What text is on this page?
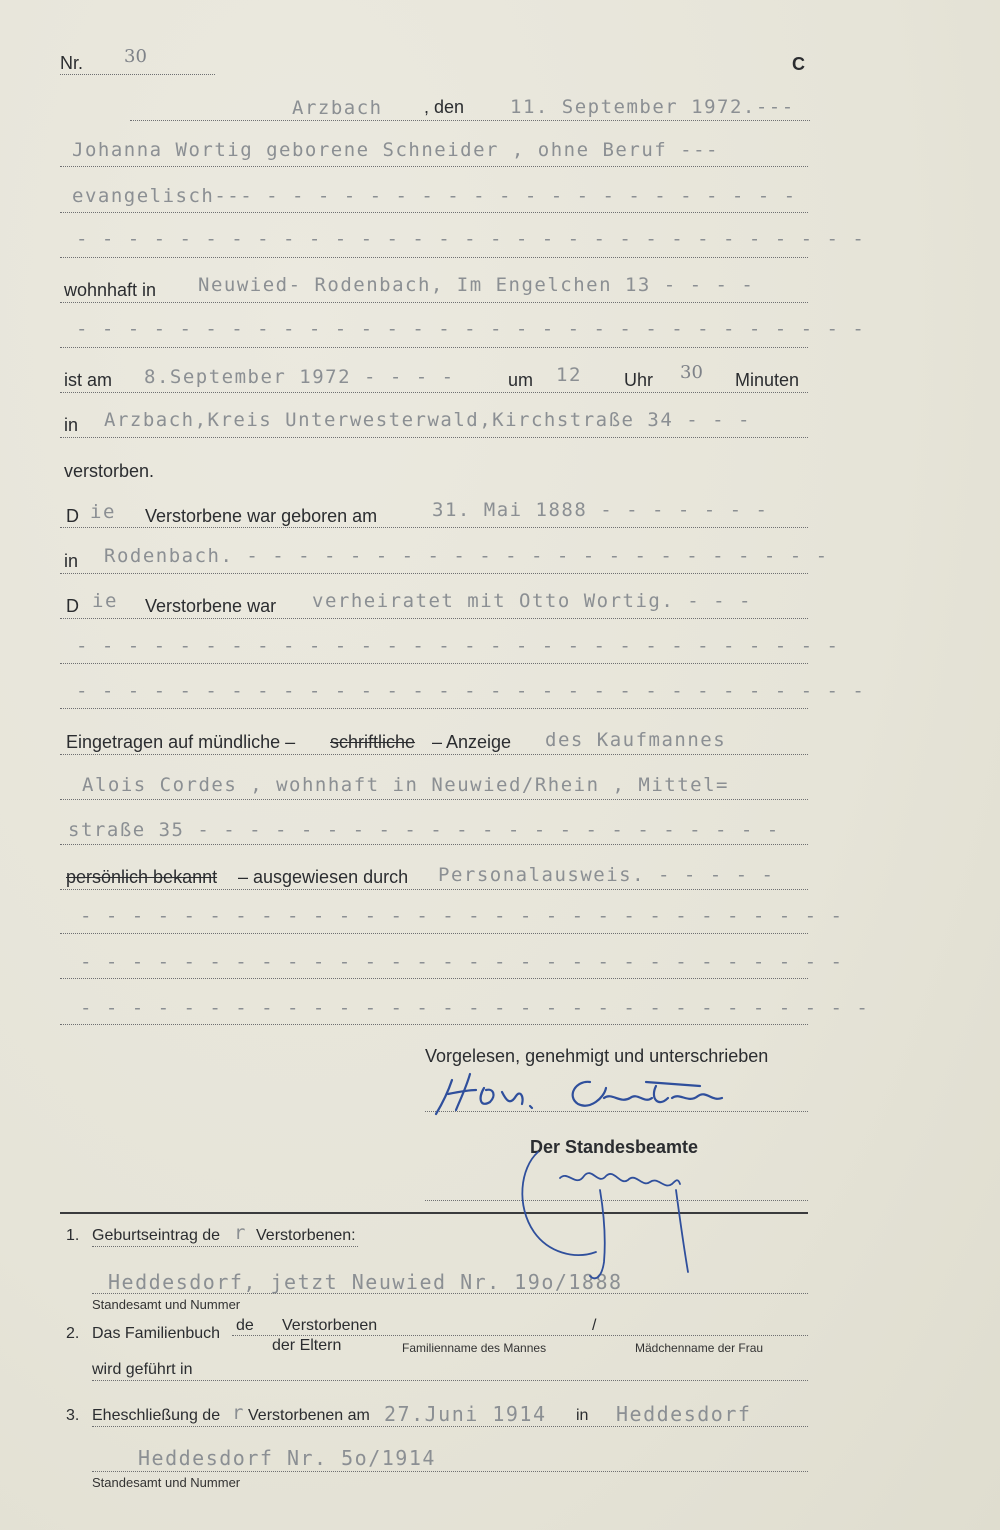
Nr. 30	C
Arzbach , den 11. September 1972.---
Johanna Wortig geborene Schneider , ohne Beruf ---
evangelisch--- - - - - - - - - - - - - - - - - - - - - -
- - - - - - - - - - - - - - - - - - - - - - - - - - - - - - -
wohnhaft in Neuwied- Rodenbach, Im Engelchen 13 - - - -
- - - - - - - - - - - - - - - - - - - - - - - - - - - - - - -
ist am 8.September 1972 - - - -	um 12 Uhr 30 Minuten
in Arzbach,Kreis Unterwesterwald,Kirchstraße 34 - - -
verstorben.
D ie Verstorbene war geboren am	31. Mai 1888 - - - - - - -
in Rodenbach. - - - - - - - - - - - - - - - - - - - - - - -
D ie Verstorbene war verheiratet mit Otto Wortig. - - -
- - - - - - - - - - - - - - - - - - - - - - - - - - - - - -
- - - - - - - - - - - - - - - - - - - - - - - - - - - - - - -
Eingetragen auf mündliche – schriftliche – Anzeige des Kaufmannes
Alois Cordes , wohnhaft in Neuwied/Rhein , Mittel=
straße 35 - - - - - - - - - - - - - - - - - - - - - - -
persönlich bekannt – ausgewiesen durch Personalausweis. - - - - -
- - - - - - - - - - - - - - - - - - - - - - - - - - - - - -
- - - - - - - - - - - - - - - - - - - - - - - - - - - - - -
- - - - - - - - - - - - - - - - - - - - - - - - - - - - - - -
Vorgelesen, genehmigt und unterschrieben
Der Standesbeamte
1. Geburtseintrag de r Verstorbenen:
Heddesdorf, jetzt Neuwied Nr. 19o/1888
Standesamt und Nummer
2. Das Familienbuch de Verstorbenen	/
der Eltern	Familienname des Mannes	Mädchenname der Frau
wird geführt in
3. Eheschließung de r Verstorbenen am 27.Juni 1914 in Heddesdorf
Heddesdorf Nr. 5o/1914
Standesamt und Nummer
